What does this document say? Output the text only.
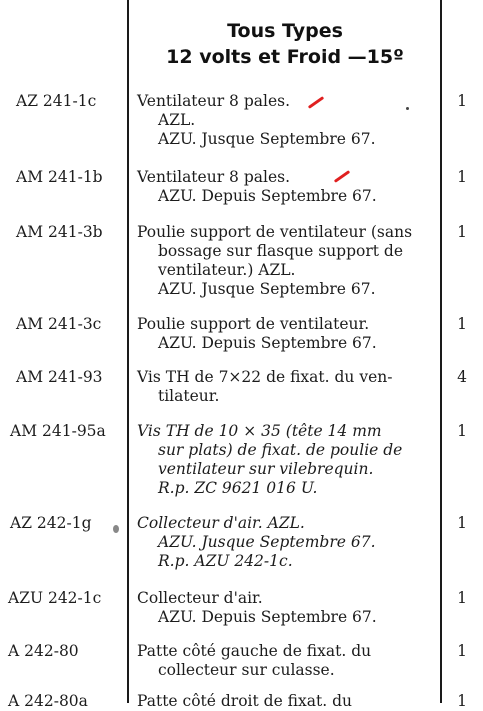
Tous Types
12 volts et Froid —15º
AZ 241-1c	Ventilateur 8 pales.
AZL.
AZU. Jusque Septembre 67.
1
AM 241-1b	Ventilateur 8 pales.
AZU. Depuis Septembre 67.
1
AM 241-3b	Poulie support de ventilateur (sans
bossage sur flasque support de
ventilateur.) AZL.
AZU. Jusque Septembre 67.
1
AM 241-3c	Poulie support de ventilateur.
AZU. Depuis Septembre 67.
1
AM 241-93	Vis TH de 7×22 de fixat. du ven-
tilateur.
4
AM 241-95a	Vis TH de 10 × 35 (tête 14 mm
sur plats) de fixat. de poulie de
ventilateur sur vilebrequin.
R.p. ZC 9621 016 U.
1
AZ 242-1g	Collecteur d'air. AZL.
AZU. Jusque Septembre 67.
R.p. AZU 242-1c.
1
AZU 242-1c	Collecteur d'air.
AZU. Depuis Septembre 67.
1
A 242-80	Patte côté gauche de fixat. du
collecteur sur culasse.
1
A 242-80a	Patte côté droit de fixat. du	1
